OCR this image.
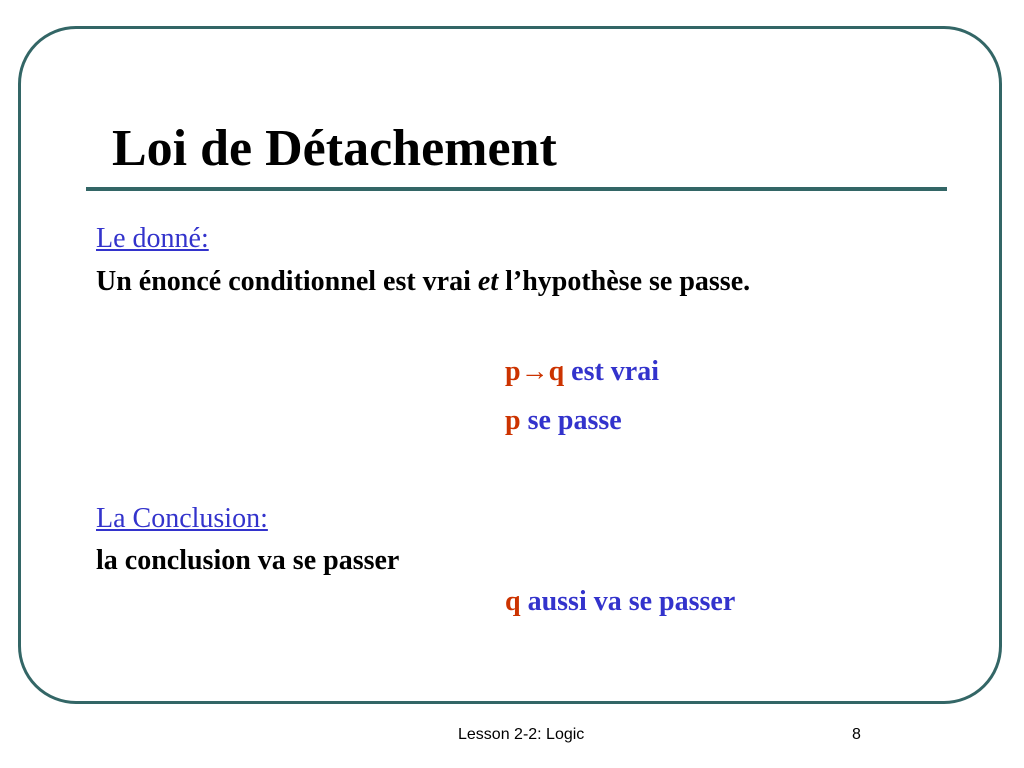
Loi de Détachement
Le donné:
Un énoncé conditionnel est vrai et l’hypothèse se passe.
p→q est vrai
p se passe
La Conclusion:
la conclusion va se passer
q aussi va se passer
Lesson 2-2: Logic	8
